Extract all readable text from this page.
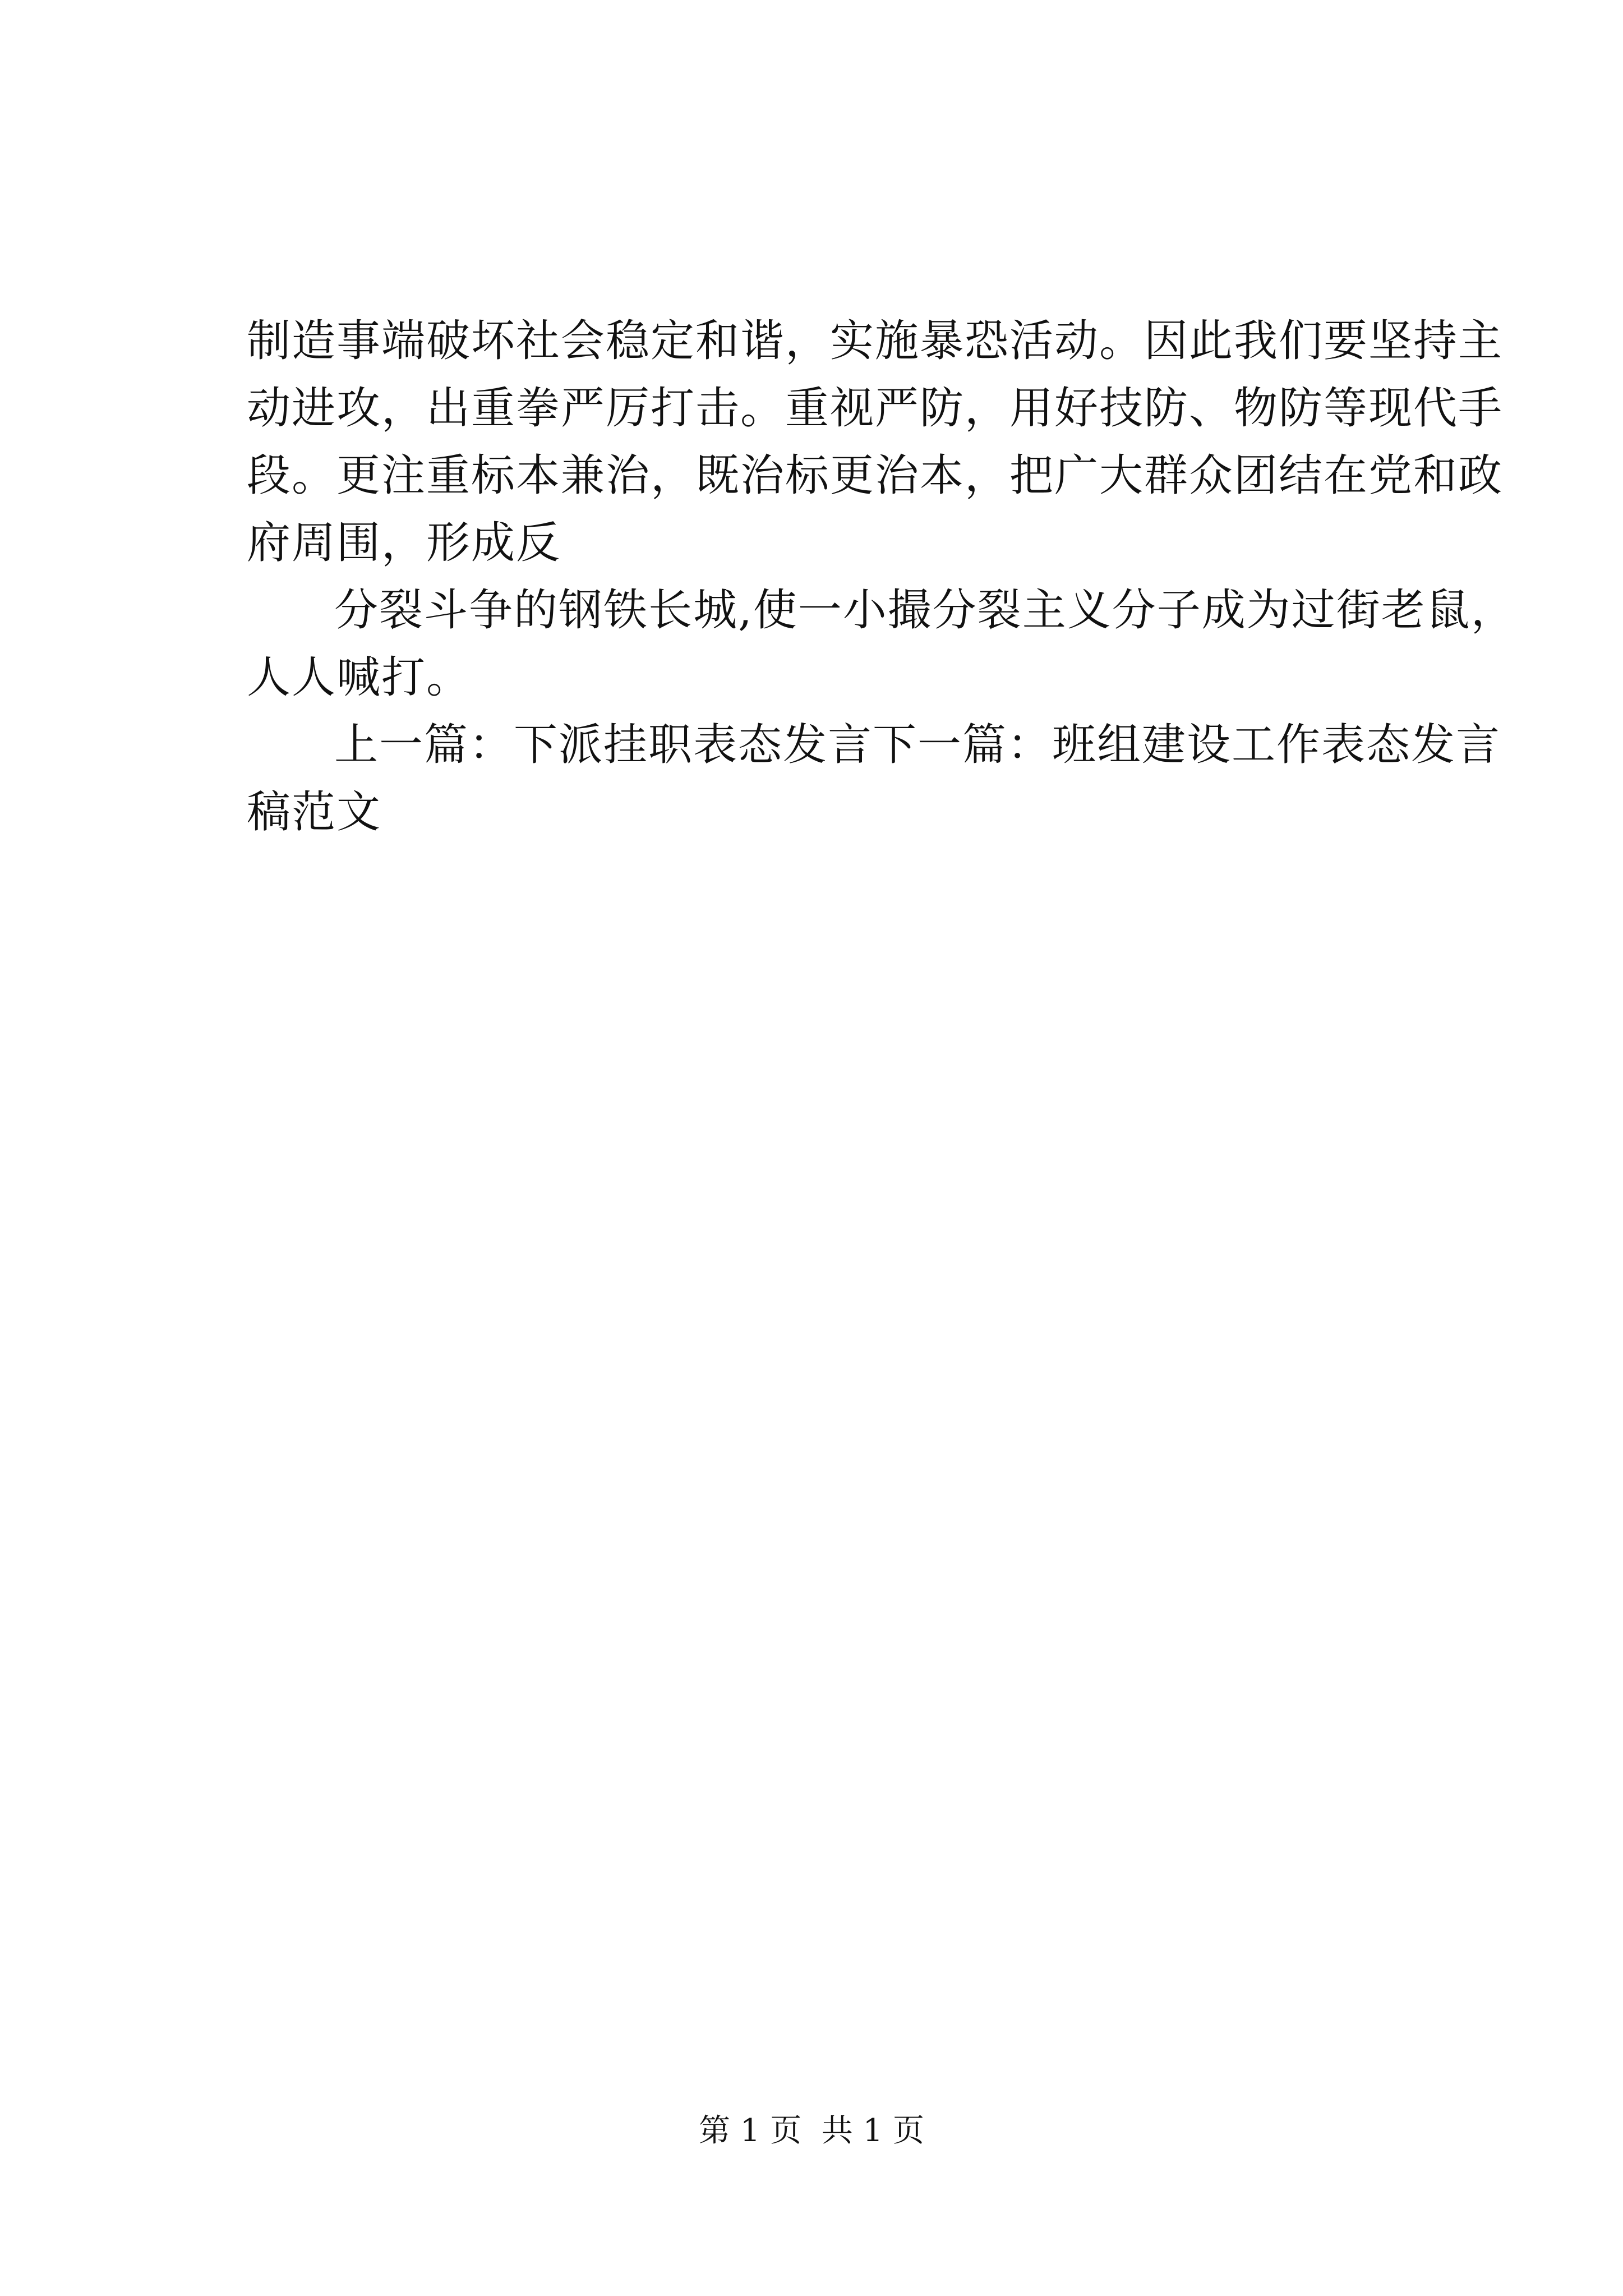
制造事端破坏社会稳定和谐，实施暴恐活动。因此我们要坚持主
动进攻，出重拳严厉打击。重视严防，用好技防、物防等现代手
段。更注重标本兼治，既治标更治本，把广大群众团结在党和政
府周围，形成反
分裂斗争的钢铁长城,使一小撮分裂主义分子成为过街老鼠，
人人喊打。
上一篇：下派挂职表态发言下一篇：班组建设工作表态发言
稿范文
第 1 页  共 1 页
